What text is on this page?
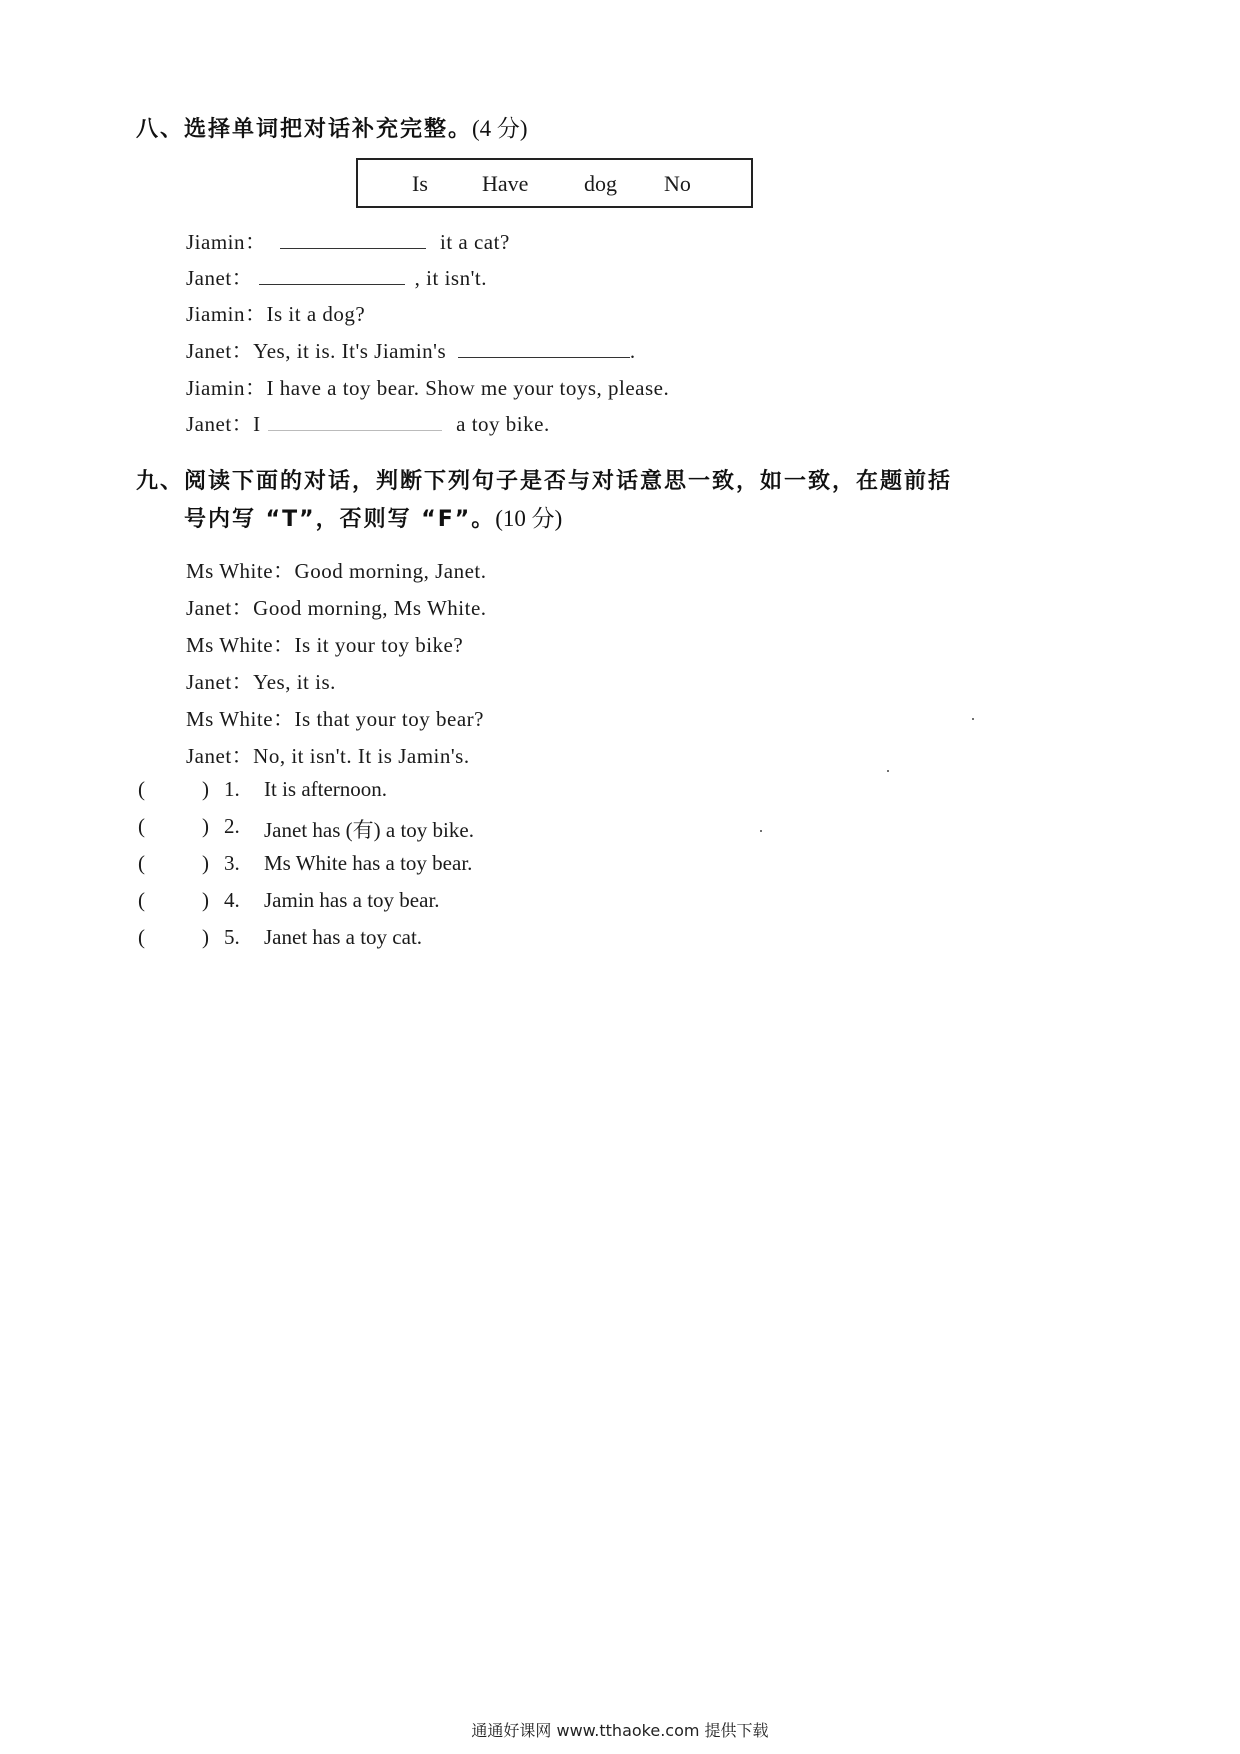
八、选择单词把对话补充完整。(4 分)
Is Have	dog No
Jiamin：	it a cat?
Janet：	, it isn't.
Jiamin：Is it a dog?
Janet：Yes, it is. It's Jiamin's	.
Jiamin：I have a toy bear. Show me your toys, please.
Janet：I	a toy bike.
九、阅读下面的对话，判断下列句子是否与对话意思一致，如一致，在题前括
号内写 “T”，否则写 “F”。(10 分)
Ms White：Good morning, Janet.
Janet：Good morning, Ms White.
Ms White：Is it your toy bike?
Janet：Yes, it is.
Ms White：Is that your toy bear?
Janet：No, it isn't. It is Jamin's.
(	) 1. It is afternoon.
(	) 2. Janet has (有) a toy bike.
(	) 3. Ms White has a toy bear.
(	) 4. Jamin has a toy bear.
(	) 5. Janet has a toy cat.
通通好课网 www.tthaoke.com 提供下载
